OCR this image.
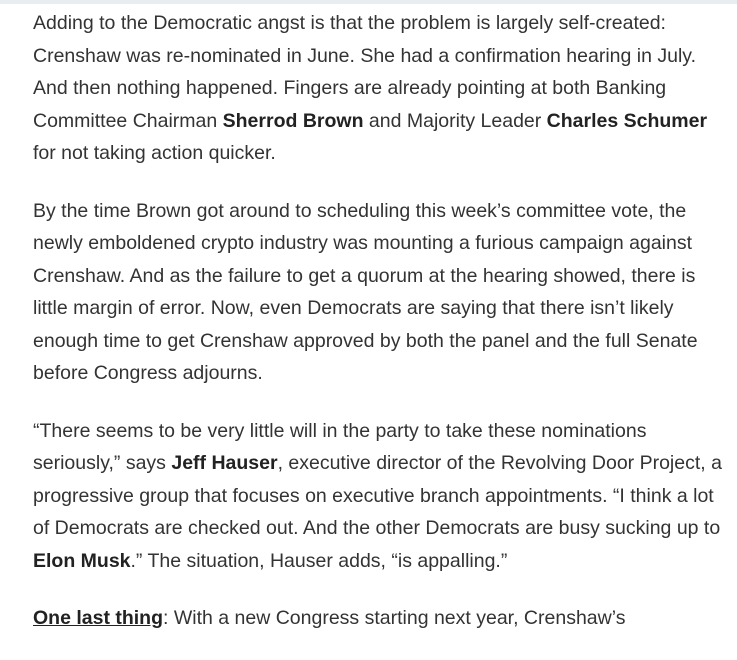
Adding to the Democratic angst is that the problem is largely self-created: Crenshaw was re-nominated in June. She had a confirmation hearing in July. And then nothing happened. Fingers are already pointing at both Banking Committee Chairman Sherrod Brown and Majority Leader Charles Schumer for not taking action quicker.

By the time Brown got around to scheduling this week’s committee vote, the newly emboldened crypto industry was mounting a furious campaign against Crenshaw. And as the failure to get a quorum at the hearing showed, there is little margin of error. Now, even Democrats are saying that there isn’t likely enough time to get Crenshaw approved by both the panel and the full Senate before Congress adjourns.

“There seems to be very little will in the party to take these nominations seriously,” says Jeff Hauser, executive director of the Revolving Door Project, a progressive group that focuses on executive branch appointments. “I think a lot of Democrats are checked out. And the other Democrats are busy sucking up to Elon Musk.” The situation, Hauser adds, “is appalling.”

One last thing: With a new Congress starting next year, Crenshaw’s
